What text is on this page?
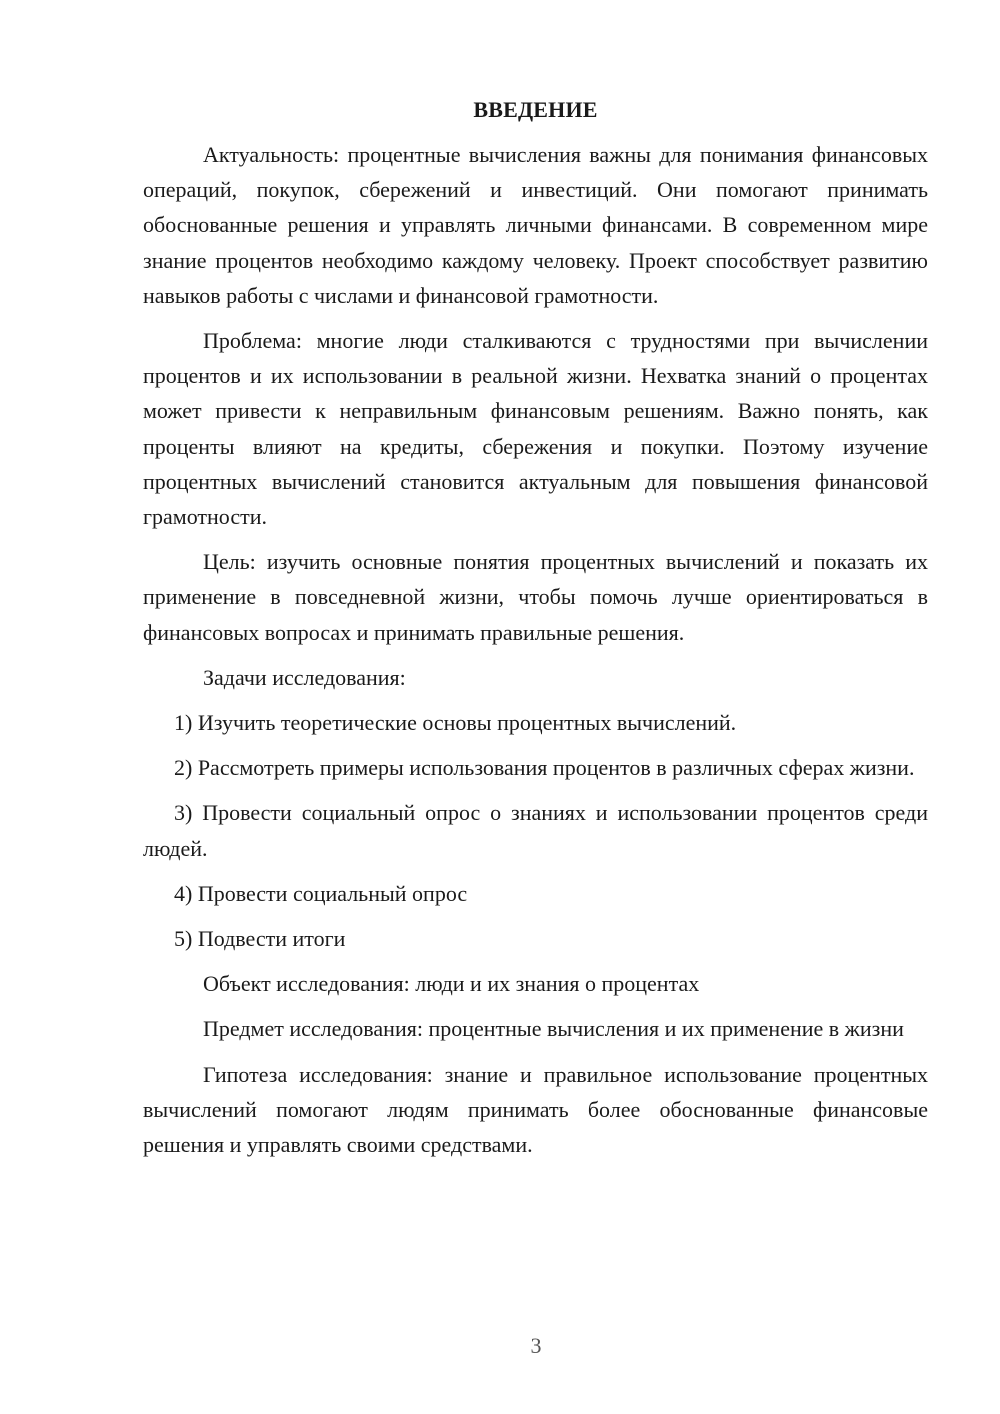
ВВЕДЕНИЕ

Актуальность: процентные вычисления важны для понимания финансовых операций, покупок, сбережений и инвестиций. Они помогают принимать обоснованные решения и управлять личными финансами. В современном мире знание процентов необходимо каждому человеку. Проект способствует развитию навыков работы с числами и финансовой грамотности.

Проблема: многие люди сталкиваются с трудностями при вычислении процентов и их использовании в реальной жизни. Нехватка знаний о процентах может привести к неправильным финансовым решениям. Важно понять, как проценты влияют на кредиты, сбережения и покупки. Поэтому изучение процентных вычислений становится актуальным для повышения финансовой грамотности.

Цель: изучить основные понятия процентных вычислений и показать их применение в повседневной жизни, чтобы помочь лучше ориентироваться в финансовых вопросах и принимать правильные решения.

Задачи исследования:

1) Изучить теоретические основы процентных вычислений.

2) Рассмотреть примеры использования процентов в различных сферах жизни.

3) Провести социальный опрос о знаниях и использовании процентов среди людей.

4) Провести социальный опрос

5) Подвести итоги

Объект исследования: люди и их знания о процентах

Предмет исследования: процентные вычисления и их применение в жизни

Гипотеза исследования: знание и правильное использование процентных вычислений помогают людям принимать более обоснованные финансовые решения и управлять своими средствами.

3
